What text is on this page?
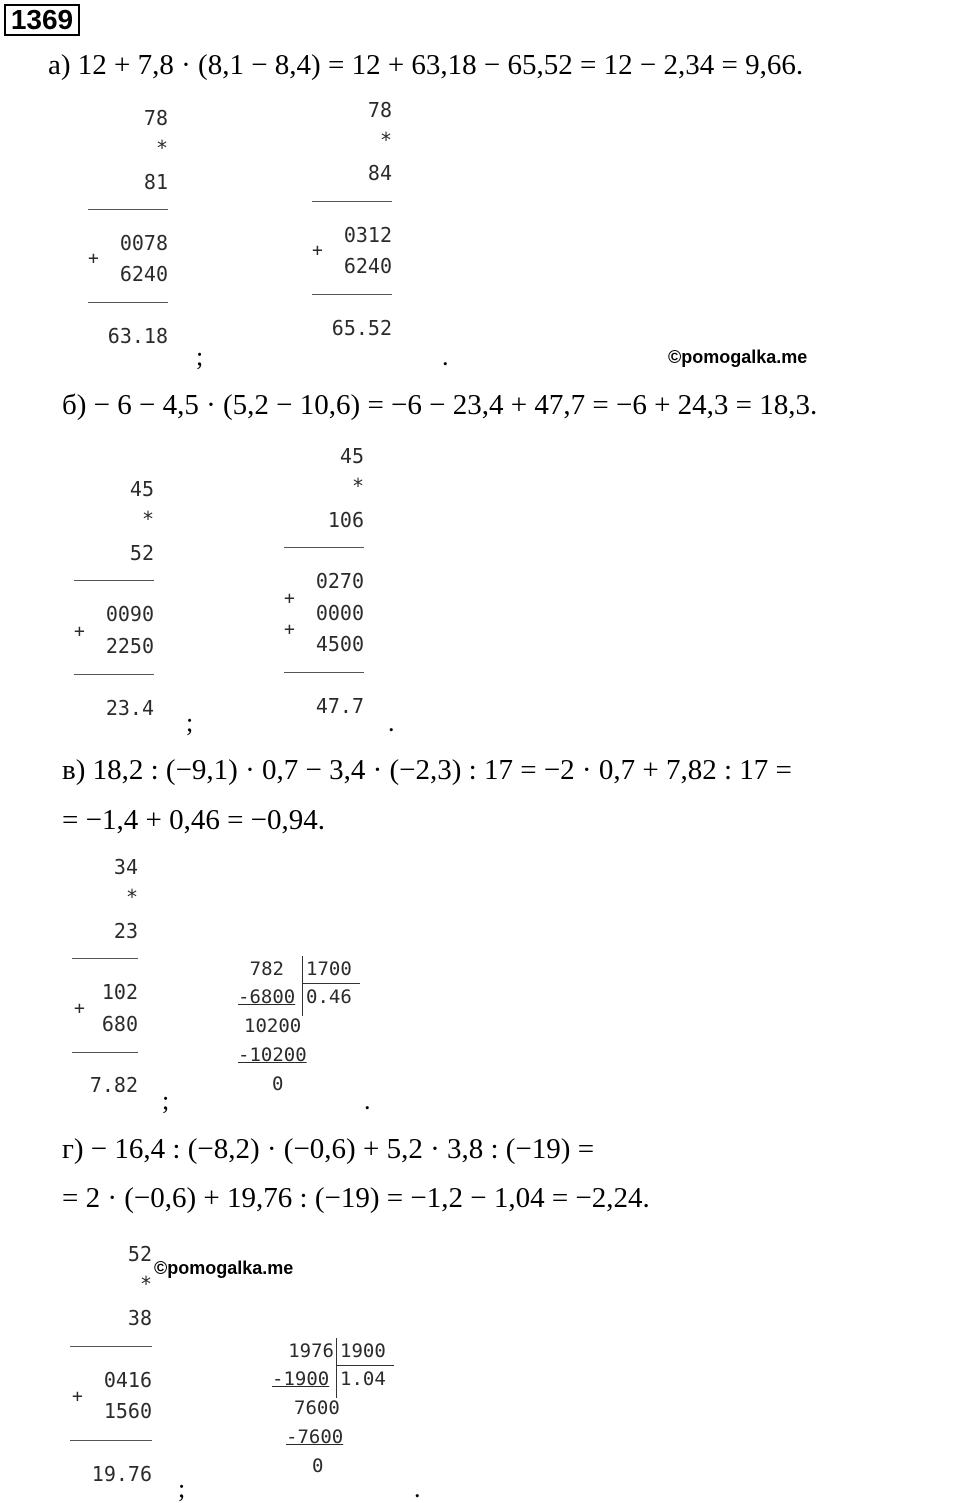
1369
а) 12 + 7,8 · (8,1 − 8,4) = 12 + 63,18 − 65,52 = 12 − 2,34 = 9,66.
78
*
81
0078
+
6240
63.18
;
78
*
84
0312
+
6240
65.52
.	©pomogalka.me
б) − 6 − 4,5 · (5,2 − 10,6) = −6 − 23,4 + 47,7 = −6 + 24,3 = 18,3.
45
*
52
0090
+
2250
23.4 ;
45
*
106
0270
+
0000
+
4500
47.7
.
в) 18,2 : (−9,1) · 0,7 − 3,4 · (−2,3) : 17 = −2 · 0,7 + 7,82 : 17 =
= −1,4 + 0,46 = −0,94.
34
*
23
102
+
680
7.82
;
782 1700
-6800 0.46
10200
-10200
0
.
г) − 16,4 : (−8,2) · (−0,6) + 5,2 · 3,8 : (−19) =
= 2 · (−0,6) + 19,76 : (−19) = −1,2 − 1,04 = −2,24.
52
*
38
0416
+
1560
19.76 ;
©pomogalka.me
1976 1900
-1900 1.04
7600
-7600
0
.
